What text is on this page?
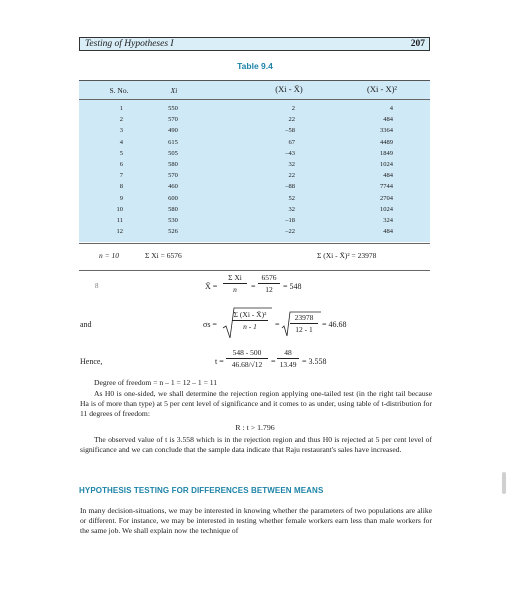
Testing of Hypotheses I	207
Table 9.4
S. No.	Xi	(Xi - X̄)	(Xi - X)²
1	550	2	4
2	570	22	484
3	490	–58	3364
4	615	67	4489
5	505	–43	1849
6	580	32	1024
7	570	22	484
8	460	–88	7744
9	600	52	2704
10	580	32	1024
11	530	–18	324
12	526	–22	484
n = 10	Σ Xi = 6576	Σ (Xi - X̄)² = 23978
8	X̄ = $\frac{\text{Σ Xi}}{n} = \frac{6576}{12} = 548$
and	$\sigma s = \frac{\text{Σ (Xi - X̄)²}}{n - 1} = \frac{23978}{12 - 1} = 46.68$
Hence,	$t = \frac{548 - 500}{46.68/√12} = \frac{48}{13.49} = 3.558$
Degree of freedom = n – 1 = 12 – 1 = 11
As H0 is one-sided, we shall determine the rejection region applying one-tailed test (in the right tail because Ha is of more than type) at 5 per cent level of significance and it comes to as under, using table of t-distribution for 11 degrees of freedom:
R : t > 1.796
The observed value of t is 3.558 which is in the rejection region and thus H0 is rejected at 5 per cent level of significance and we can conclude that the sample data indicate that Raju restaurant's sales have increased.
HYPOTHESIS TESTING FOR DIFFERENCES BETWEEN MEANS
In many decision-situations, we may be interested in knowing whether the parameters of two populations are alike or different. For instance, we may be interested in testing whether female workers earn less than male workers for the same job. We shall explain now the technique of
